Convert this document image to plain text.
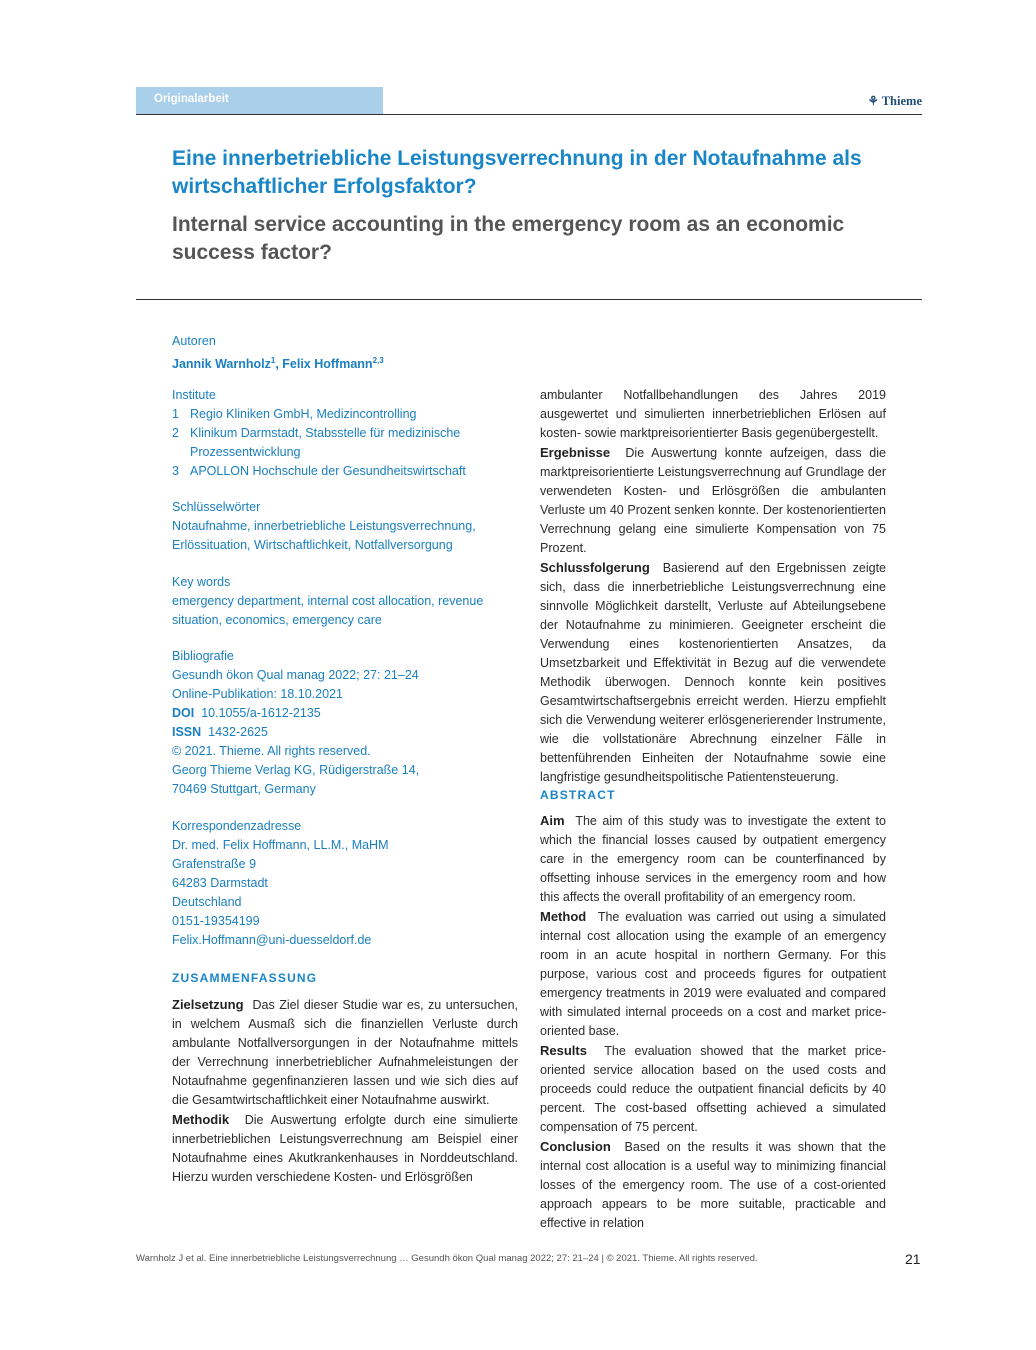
Originalarbeit	⚘ Thieme
Eine innerbetriebliche Leistungsverrechnung in der Notaufnahme als wirtschaftlicher Erfolgsfaktor?
Internal service accounting in the emergency room as an economic success factor?
Autoren
Jannik Warnholz$^1$, Felix Hoffmann$^{2,3}$
Institute
1 Regio Kliniken GmbH, Medizincontrolling
2 Klinikum Darmstadt, Stabsstelle für medizinische Prozessentwicklung
3 APOLLON Hochschule der Gesundheitswirtschaft
Schlüsselwörter
Notaufnahme, innerbetriebliche Leistungsverrechnung, Erlössituation, Wirtschaftlichkeit, Notfallversorgung
Key words
emergency department, internal cost allocation, revenue situation, economics, emergency care
Bibliografie
Gesundh ökon Qual manag 2022; 27: 21–24
Online-Publikation: 18.10.2021
DOI 10.1055/a-1612-2135
ISSN 1432-2625
© 2021. Thieme. All rights reserved.
Georg Thieme Verlag KG, Rüdigerstraße 14,
70469 Stuttgart, Germany
Korrespondenzadresse
Dr. med. Felix Hoffmann, LL.M., MaHM
Grafenstraße 9
64283 Darmstadt
Deutschland
0151-19354199
Felix.Hoffmann@uni-duesseldorf.de
ZUSAMMENFASSUNG

Zielsetzung Das Ziel dieser Studie war es, zu untersuchen, in welchem Ausmaß sich die finanziellen Verluste durch ambulante Notfallversorgungen in der Notaufnahme mittels der Verrechnung innerbetrieblicher Aufnahmeleistungen der Notaufnahme gegenfinanzieren lassen und wie sich dies auf die Gesamtwirtschaftlichkeit einer Notaufnahme auswirkt.

Methodik Die Auswertung erfolgte durch eine simulierte innerbetrieblichen Leistungsverrechnung am Beispiel einer Notaufnahme eines Akutkrankenhauses in Norddeutschland. Hierzu wurden verschiedene Kosten- und Erlösgrößen

ambulanter Notfallbehandlungen des Jahres 2019 ausgewertet und simulierten innerbetrieblichen Erlösen auf kosten- sowie marktpreisorientierter Basis gegenübergestellt.

Ergebnisse Die Auswertung konnte aufzeigen, dass die marktpreisorientierte Leistungsverrechnung auf Grundlage der verwendeten Kosten- und Erlösgrößen die ambulanten Verluste um 40 Prozent senken konnte. Der kostenorientierten Verrechnung gelang eine simulierte Kompensation von 75 Prozent.

Schlussfolgerung Basierend auf den Ergebnissen zeigte sich, dass die innerbetriebliche Leistungsverrechnung eine sinnvolle Möglichkeit darstellt, Verluste auf Abteilungsebene der Notaufnahme zu minimieren. Geeigneter erscheint die Verwendung eines kostenorientierten Ansatzes, da Umsetzbarkeit und Effektivität in Bezug auf die verwendete Methodik überwogen. Dennoch konnte kein positives Gesamtwirtschaftsergebnis erreicht werden. Hierzu empfiehlt sich die Verwendung weiterer erlösgenerierender Instrumente, wie die vollstationäre Abrechnung einzelner Fälle in bettenführenden Einheiten der Notaufnahme sowie eine langfristige gesundheitspolitische Patientensteuerung.

ABSTRACT

Aim The aim of this study was to investigate the extent to which the financial losses caused by outpatient emergency care in the emergency room can be counterfinanced by offsetting inhouse services in the emergency room and how this affects the overall profitability of an emergency room.

Method The evaluation was carried out using a simulated internal cost allocation using the example of an emergency room in an acute hospital in northern Germany. For this purpose, various cost and proceeds figures for outpatient emergency treatments in 2019 were evaluated and compared with simulated internal proceeds on a cost and market price-oriented base.

Results The evaluation showed that the market price-oriented service allocation based on the used costs and proceeds could reduce the outpatient financial deficits by 40 percent. The cost-based offsetting achieved a simulated compensation of 75 percent.

Conclusion Based on the results it was shown that the internal cost allocation is a useful way to minimizing financial losses of the emergency room. The use of a cost-oriented approach appears to be more suitable, practicable and effective in relation

Warnholz J et al. Eine innerbetriebliche Leistungsverrechnung … Gesundh ökon Qual manag 2022; 27: 21–24 | © 2021. Thieme. All rights reserved.	21
